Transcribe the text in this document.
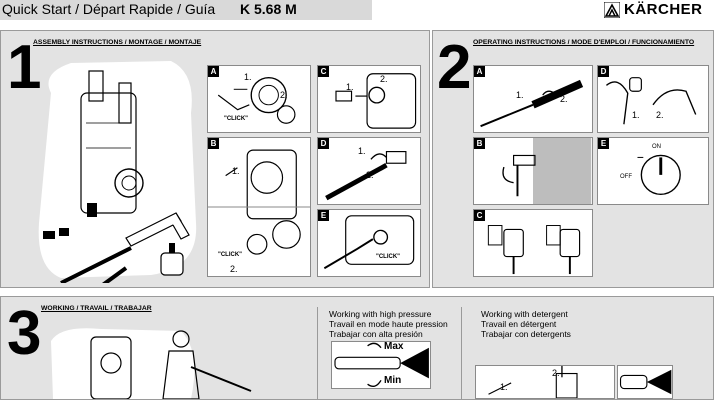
Quick Start / Départ Rapide / Guía K 5.68 M	KÄRCHER
1
ASSEMBLY INSTRUCTIONS / MONTAGE / MONTAJE
A
1.
2.
"CLICK"
B
1.
2.
"CLICK"
C
1.
2.
D
1.
2.
E
"CLICK"
2 OPERATING INSTRUCTIONS / MODE D'EMPLOI / FUNCIONAMIENTO
A
1.	2.
B
C
D
1. 2.
E	ON
OFF
3 WORKING / TRAVAIL / TRABAJAR
Working with high pressure
Travail en mode haute pression
Trabajar con alta presión
Max
Min
Working with detergent
Travail en détergent
Trabajar con detergents
1.
2.
